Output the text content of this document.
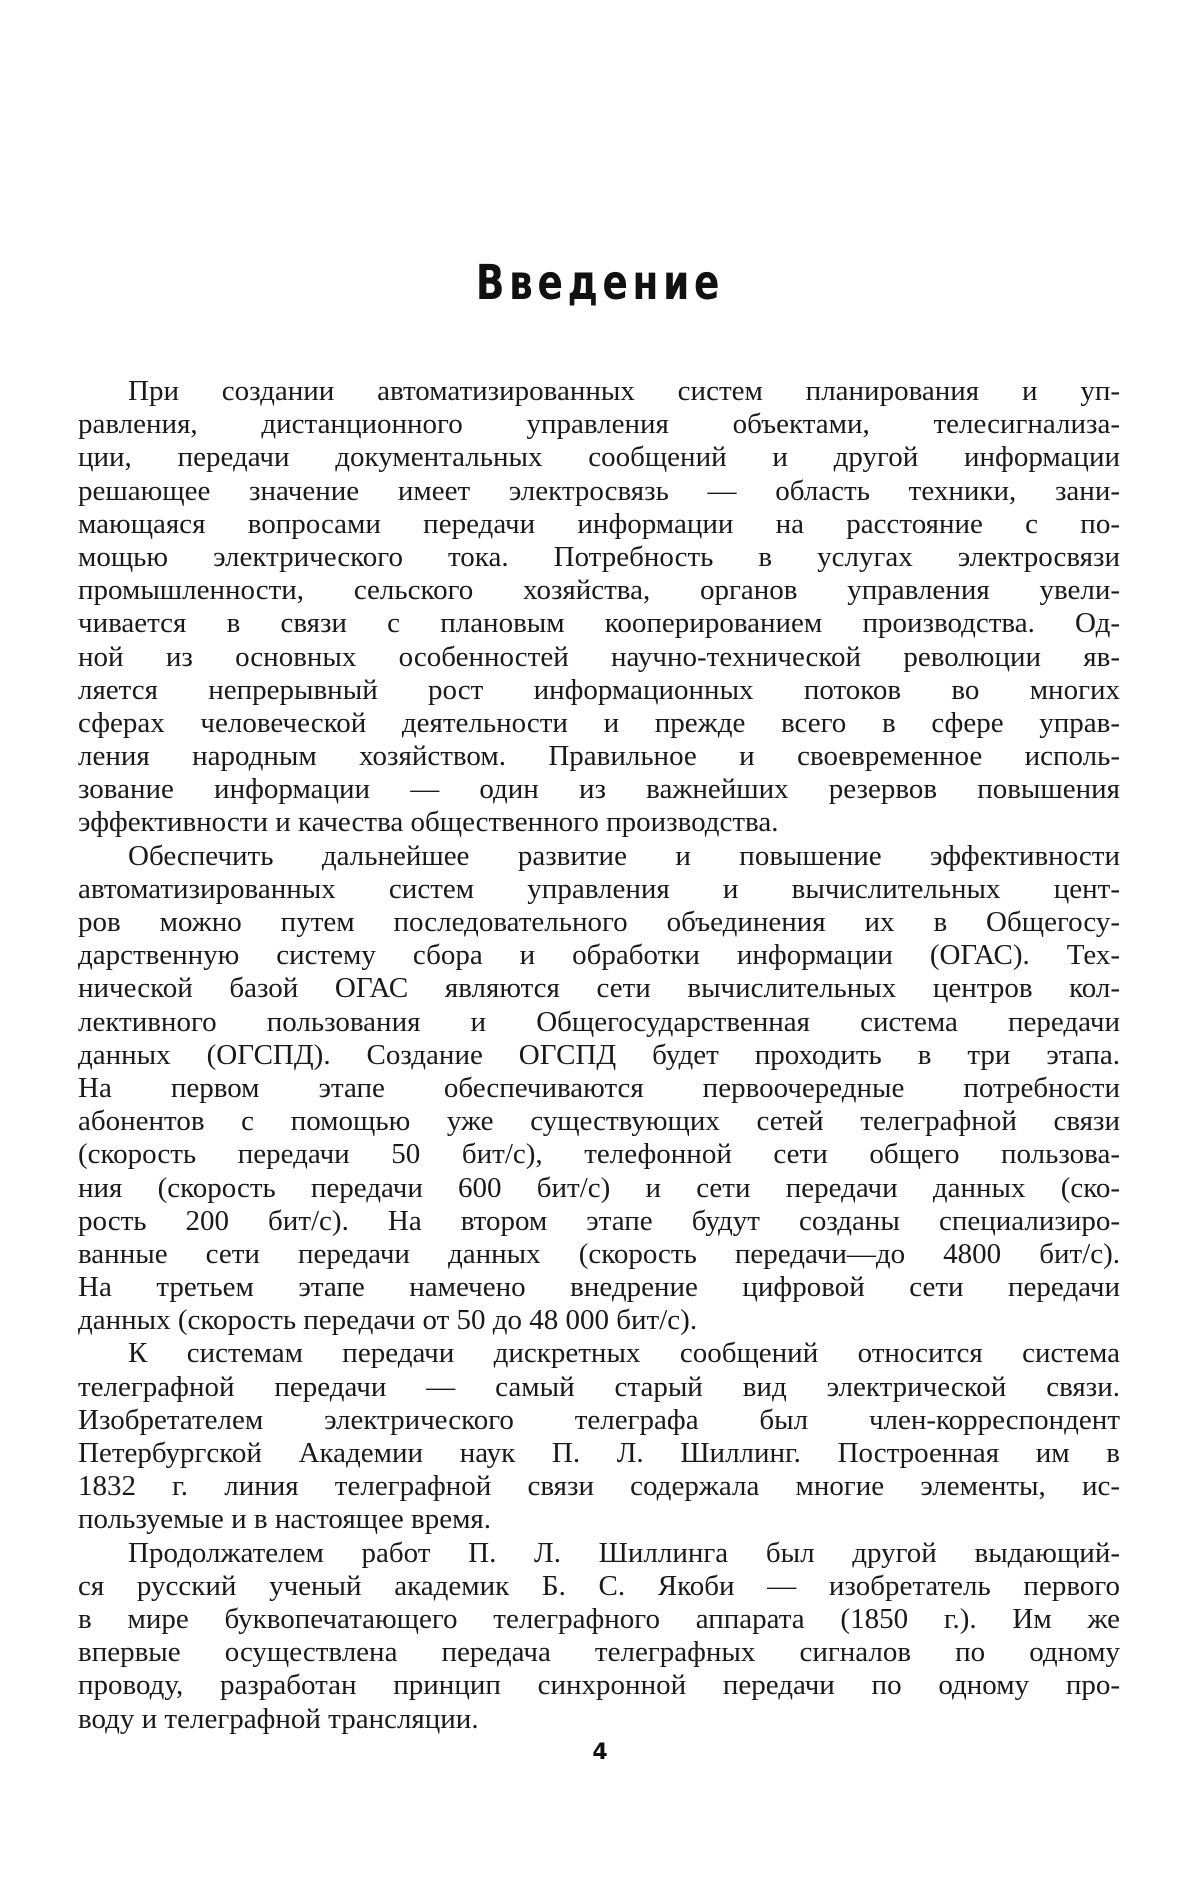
Введение
При создании автоматизированных систем планирования и уп-
равления, дистанционного управления объектами, телесигнализа-
ции, передачи документальных сообщений и другой информации
решающее значение имеет электросвязь — область техники, зани-
мающаяся вопросами передачи информации на расстояние с по-
мощью электрического тока. Потребность в услугах электросвязи
промышленности, сельского хозяйства, органов управления увели-
чивается в связи с плановым кооперированием производства. Од-
ной из основных особенностей научно-технической революции яв-
ляется непрерывный рост информационных потоков во многих
сферах человеческой деятельности и прежде всего в сфере управ-
ления народным хозяйством. Правильное и своевременное исполь-
зование информации — один из важнейших резервов повышения
эффективности и качества общественного производства.
Обеспечить дальнейшее развитие и повышение эффективности
автоматизированных систем управления и вычислительных цент-
ров можно путем последовательного объединения их в Общегосу-
дарственную систему сбора и обработки информации (ОГАС). Тех-
нической базой ОГАС являются сети вычислительных центров кол-
лективного пользования и Общегосударственная система передачи
данных (ОГСПД). Создание ОГСПД будет проходить в три этапа.
На первом этапе обеспечиваются первоочередные потребности
абонентов с помощью уже существующих сетей телеграфной связи
(скорость передачи 50 бит/с), телефонной сети общего пользова-
ния (скорость передачи 600 бит/с) и сети передачи данных (ско-
рость 200 бит/с). На втором этапе будут созданы специализиро-
ванные сети передачи данных (скорость передачи—до 4800 бит/с).
На третьем этапе намечено внедрение цифровой сети передачи
данных (скорость передачи от 50 до 48 000 бит/с).
К системам передачи дискретных сообщений относится система
телеграфной передачи — самый старый вид электрической связи.
Изобретателем электрического телеграфа был член-корреспондент
Петербургской Академии наук П. Л. Шиллинг. Построенная им в
1832 г. линия телеграфной связи содержала многие элементы, ис-
пользуемые и в настоящее время.
Продолжателем работ П. Л. Шиллинга был другой выдающий-
ся русский ученый академик Б. С. Якоби — изобретатель первого
в мире буквопечатающего телеграфного аппарата (1850 г.). Им же
впервые осуществлена передача телеграфных сигналов по одному
проводу, разработан принцип синхронной передачи по одному про-
воду и телеграфной трансляции.
4
